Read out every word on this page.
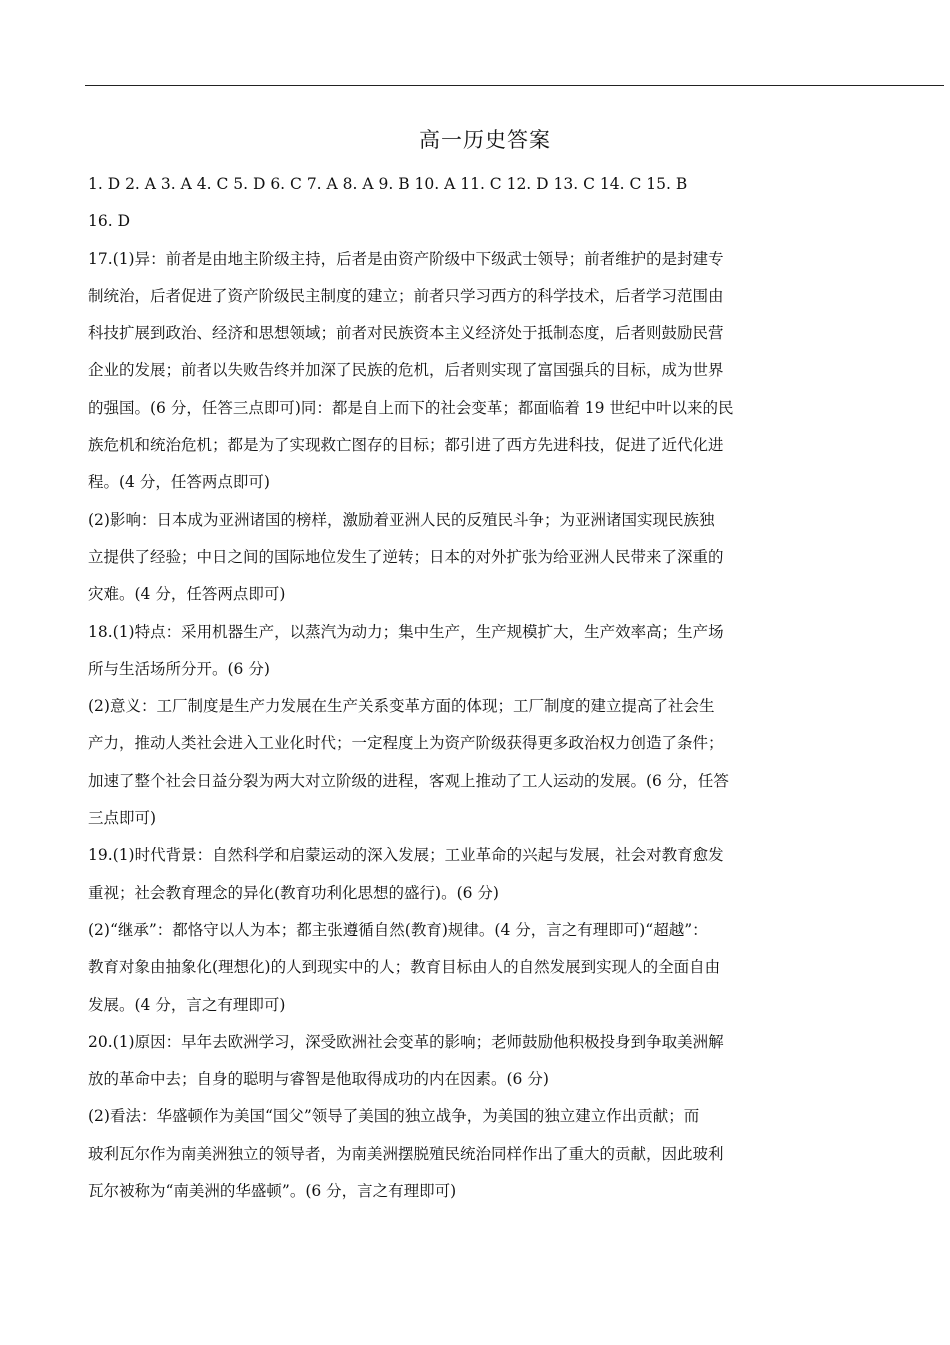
高一历史答案
1. D 2. A 3. A 4. C 5. D 6. C 7. A 8. A 9. B 10. A 11. C 12. D 13. C 14. C 15. B
16. D
17.(1)异：前者是由地主阶级主持，后者是由资产阶级中下级武士领导；前者维护的是封建专
制统治，后者促进了资产阶级民主制度的建立；前者只学习西方的科学技术，后者学习范围由
科技扩展到政治、经济和思想领域；前者对民族资本主义经济处于抵制态度，后者则鼓励民营
企业的发展；前者以失败告终并加深了民族的危机，后者则实现了富国强兵的目标，成为世界
的强国。(6 分，任答三点即可)同：都是自上而下的社会变革；都面临着 19 世纪中叶以来的民
族危机和统治危机；都是为了实现救亡图存的目标；都引进了西方先进科技，促进了近代化进
程。(4 分，任答两点即可)
(2)影响：日本成为亚洲诸国的榜样，激励着亚洲人民的反殖民斗争；为亚洲诸国实现民族独
立提供了经验；中日之间的国际地位发生了逆转；日本的对外扩张为给亚洲人民带来了深重的
灾难。(4 分，任答两点即可)
18.(1)特点：采用机器生产，以蒸汽为动力；集中生产，生产规模扩大，生产效率高；生产场
所与生活场所分开。(6 分)
(2)意义：工厂制度是生产力发展在生产关系变革方面的体现；工厂制度的建立提高了社会生
产力，推动人类社会进入工业化时代；一定程度上为资产阶级获得更多政治权力创造了条件；
加速了整个社会日益分裂为两大对立阶级的进程，客观上推动了工人运动的发展。(6 分，任答
三点即可)
19.(1)时代背景：自然科学和启蒙运动的深入发展；工业革命的兴起与发展，社会对教育愈发
重视；社会教育理念的异化(教育功利化思想的盛行)。(6 分)
(2)“继承”：都恪守以人为本；都主张遵循自然(教育)规律。(4 分，言之有理即可)“超越”：
教育对象由抽象化(理想化)的人到现实中的人；教育目标由人的自然发展到实现人的全面自由
发展。(4 分，言之有理即可)
20.(1)原因：早年去欧洲学习，深受欧洲社会变革的影响；老师鼓励他积极投身到争取美洲解
放的革命中去；自身的聪明与睿智是他取得成功的内在因素。(6 分)
(2)看法：华盛顿作为美国“国父”领导了美国的独立战争，为美国的独立建立作出贡献；而
玻利瓦尔作为南美洲独立的领导者，为南美洲摆脱殖民统治同样作出了重大的贡献，因此玻利
瓦尔被称为“南美洲的华盛顿”。(6 分，言之有理即可)
